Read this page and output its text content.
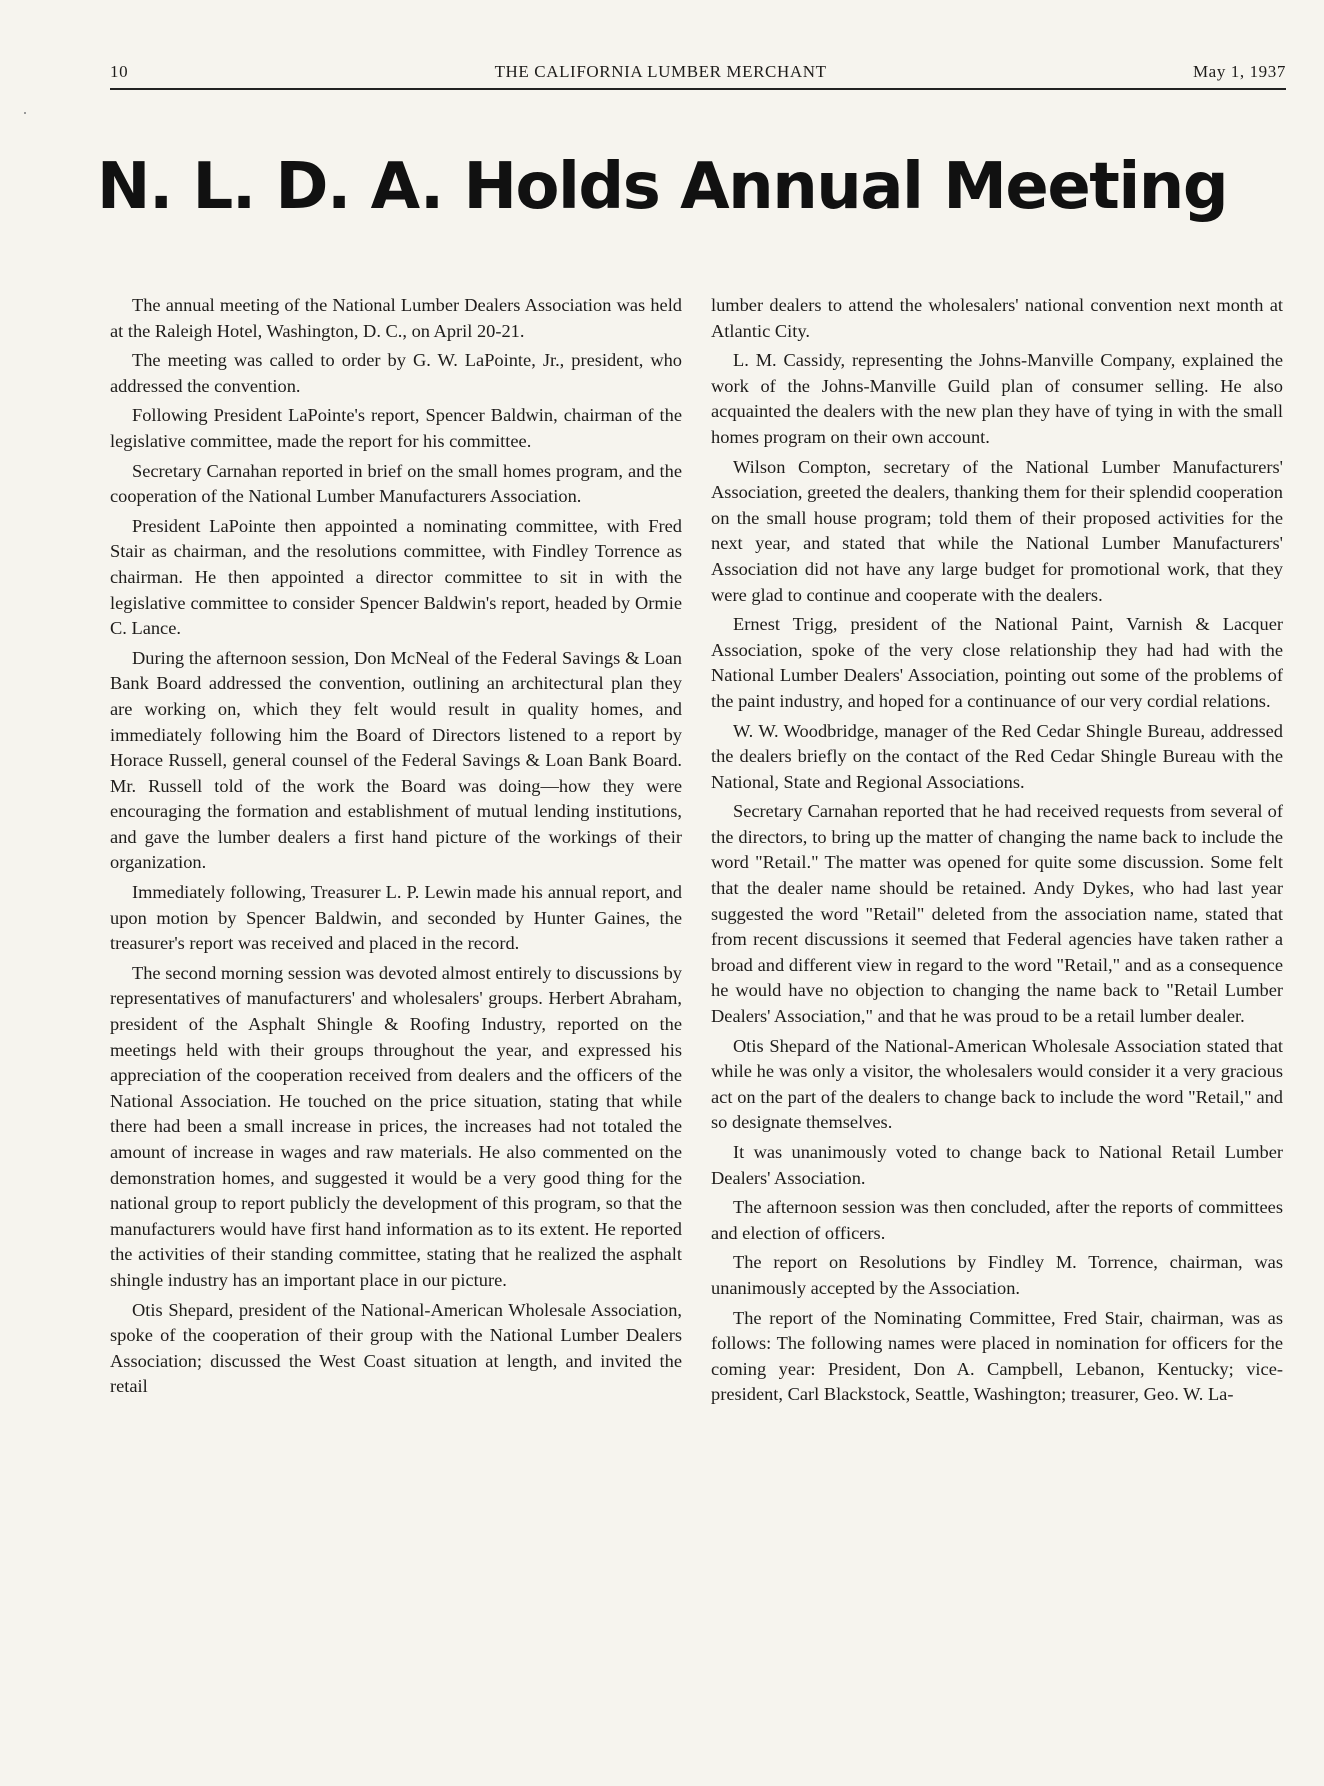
10	THE CALIFORNIA LUMBER MERCHANT	May 1, 1937
N. L. D. A. Holds Annual Meeting

The annual meeting of the National Lumber Dealers Association was held at the Raleigh Hotel, Washington, D. C., on April 20-21.

The meeting was called to order by G. W. LaPointe, Jr., president, who addressed the convention.

Following President LaPointe's report, Spencer Baldwin, chairman of the legislative committee, made the report for his committee.

Secretary Carnahan reported in brief on the small homes program, and the cooperation of the National Lumber Manufacturers Association.

President LaPointe then appointed a nominating committee, with Fred Stair as chairman, and the resolutions committee, with Findley Torrence as chairman. He then appointed a director committee to sit in with the legislative committee to consider Spencer Baldwin's report, headed by Ormie C. Lance.

During the afternoon session, Don McNeal of the Federal Savings & Loan Bank Board addressed the convention, outlining an architectural plan they are working on, which they felt would result in quality homes, and immediately following him the Board of Directors listened to a report by Horace Russell, general counsel of the Federal Savings & Loan Bank Board. Mr. Russell told of the work the Board was doing—how they were encouraging the formation and establishment of mutual lending institutions, and gave the lumber dealers a first hand picture of the workings of their organization.

Immediately following, Treasurer L. P. Lewin made his annual report, and upon motion by Spencer Baldwin, and seconded by Hunter Gaines, the treasurer's report was received and placed in the record.

The second morning session was devoted almost entirely to discussions by representatives of manufacturers' and wholesalers' groups. Herbert Abraham, president of the Asphalt Shingle & Roofing Industry, reported on the meetings held with their groups throughout the year, and expressed his appreciation of the cooperation received from dealers and the officers of the National Association. He touched on the price situation, stating that while there had been a small increase in prices, the increases had not totaled the amount of increase in wages and raw materials. He also commented on the demonstration homes, and suggested it would be a very good thing for the national group to report publicly the development of this program, so that the manufacturers would have first hand information as to its extent. He reported the activities of their standing committee, stating that he realized the asphalt shingle industry has an important place in our picture.

Otis Shepard, president of the National-American Wholesale Association, spoke of the cooperation of their group with the National Lumber Dealers Association; discussed the West Coast situation at length, and invited the retail

lumber dealers to attend the wholesalers' national convention next month at Atlantic City.

L. M. Cassidy, representing the Johns-Manville Company, explained the work of the Johns-Manville Guild plan of consumer selling. He also acquainted the dealers with the new plan they have of tying in with the small homes program on their own account.

Wilson Compton, secretary of the National Lumber Manufacturers' Association, greeted the dealers, thanking them for their splendid cooperation on the small house program; told them of their proposed activities for the next year, and stated that while the National Lumber Manufacturers' Association did not have any large budget for promotional work, that they were glad to continue and cooperate with the dealers.

Ernest Trigg, president of the National Paint, Varnish & Lacquer Association, spoke of the very close relationship they had had with the National Lumber Dealers' Association, pointing out some of the problems of the paint industry, and hoped for a continuance of our very cordial relations.

W. W. Woodbridge, manager of the Red Cedar Shingle Bureau, addressed the dealers briefly on the contact of the Red Cedar Shingle Bureau with the National, State and Regional Associations.

Secretary Carnahan reported that he had received requests from several of the directors, to bring up the matter of changing the name back to include the word "Retail." The matter was opened for quite some discussion. Some felt that the dealer name should be retained. Andy Dykes, who had last year suggested the word "Retail" deleted from the association name, stated that from recent discussions it seemed that Federal agencies have taken rather a broad and different view in regard to the word "Retail," and as a consequence he would have no objection to changing the name back to "Retail Lumber Dealers' Association," and that he was proud to be a retail lumber dealer.

Otis Shepard of the National-American Wholesale Association stated that while he was only a visitor, the wholesalers would consider it a very gracious act on the part of the dealers to change back to include the word "Retail," and so designate themselves.

It was unanimously voted to change back to National Retail Lumber Dealers' Association.

The afternoon session was then concluded, after the reports of committees and election of officers.

The report on Resolutions by Findley M. Torrence, chairman, was unanimously accepted by the Association.

The report of the Nominating Committee, Fred Stair, chairman, was as follows: The following names were placed in nomination for officers for the coming year: President, Don A. Campbell, Lebanon, Kentucky; vice-president, Carl Blackstock, Seattle, Washington; treasurer, Geo. W. La-
